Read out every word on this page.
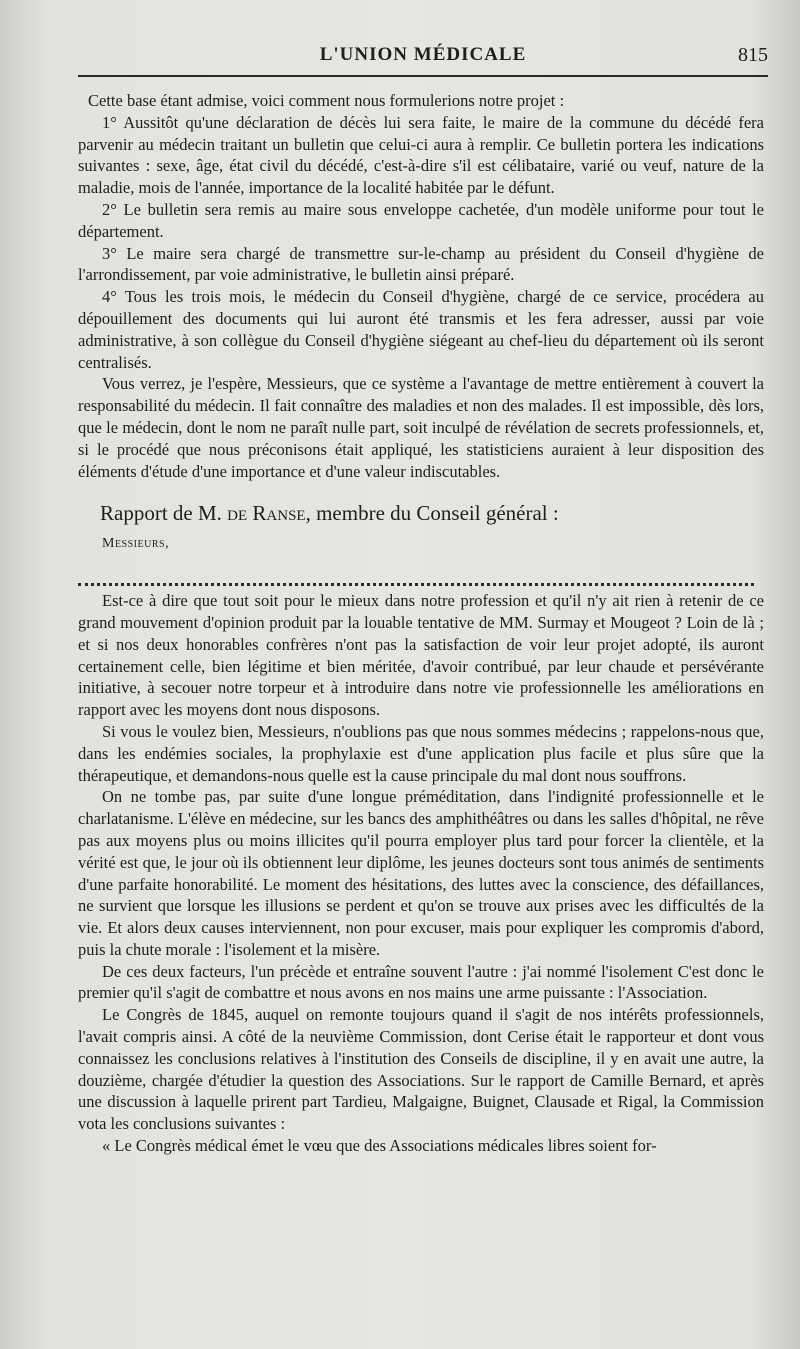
L'UNION MÉDICALE	815

Cette base étant admise, voici comment nous formulerions notre projet :

1° Aussitôt qu'une déclaration de décès lui sera faite, le maire de la commune du décédé fera parvenir au médecin traitant un bulletin que celui-ci aura à remplir. Ce bulletin portera les indications suivantes : sexe, âge, état civil du décédé, c'est-à-dire s'il est célibataire, varié ou veuf, nature de la maladie, mois de l'année, importance de la localité habitée par le défunt.

2° Le bulletin sera remis au maire sous enveloppe cachetée, d'un modèle uniforme pour tout le département.

3° Le maire sera chargé de transmettre sur-le-champ au président du Conseil d'hygiène de l'arrondissement, par voie administrative, le bulletin ainsi préparé.

4° Tous les trois mois, le médecin du Conseil d'hygiène, chargé de ce service, procédera au dépouillement des documents qui lui auront été transmis et les fera adresser, aussi par voie administrative, à son collègue du Conseil d'hygiène siégeant au chef-lieu du département où ils seront centralisés.

Vous verrez, je l'espère, Messieurs, que ce système a l'avantage de mettre entièrement à couvert la responsabilité du médecin. Il fait connaître des maladies et non des malades. Il est impossible, dès lors, que le médecin, dont le nom ne paraît nulle part, soit inculpé de révélation de secrets professionnels, et, si le procédé que nous préconisons était appliqué, les statisticiens auraient à leur disposition des éléments d'étude d'une importance et d'une valeur indiscutables.

Rapport de M. de Ranse, membre du Conseil général :
Messieurs,

Est-ce à dire que tout soit pour le mieux dans notre profession et qu'il n'y ait rien à retenir de ce grand mouvement d'opinion produit par la louable tentative de MM. Surmay et Mougeot ? Loin de là ; et si nos deux honorables confrères n'ont pas la satisfaction de voir leur projet adopté, ils auront certainement celle, bien légitime et bien méritée, d'avoir contribué, par leur chaude et persévérante initiative, à secouer notre torpeur et à introduire dans notre vie professionnelle les améliorations en rapport avec les moyens dont nous disposons.

Si vous le voulez bien, Messieurs, n'oublions pas que nous sommes médecins ; rappelons-nous que, dans les endémies sociales, la prophylaxie est d'une application plus facile et plus sûre que la thérapeutique, et demandons-nous quelle est la cause principale du mal dont nous souffrons.

On ne tombe pas, par suite d'une longue préméditation, dans l'indignité professionnelle et le charlatanisme. L'élève en médecine, sur les bancs des amphithéâtres ou dans les salles d'hôpital, ne rêve pas aux moyens plus ou moins illicites qu'il pourra employer plus tard pour forcer la clientèle, et la vérité est que, le jour où ils obtiennent leur diplôme, les jeunes docteurs sont tous animés de sentiments d'une parfaite honorabilité. Le moment des hésitations, des luttes avec la conscience, des défaillances, ne survient que lorsque les illusions se perdent et qu'on se trouve aux prises avec les difficultés de la vie. Et alors deux causes interviennent, non pour excuser, mais pour expliquer les compromis d'abord, puis la chute morale : l'isolement et la misère.

De ces deux facteurs, l'un précède et entraîne souvent l'autre : j'ai nommé l'isolement C'est donc le premier qu'il s'agit de combattre et nous avons en nos mains une arme puissante : l'Association.

Le Congrès de 1845, auquel on remonte toujours quand il s'agit de nos intérêts professionnels, l'avait compris ainsi. A côté de la neuvième Commission, dont Cerise était le rapporteur et dont vous connaissez les conclusions relatives à l'institution des Conseils de discipline, il y en avait une autre, la douzième, chargée d'étudier la question des Associations. Sur le rapport de Camille Bernard, et après une discussion à laquelle prirent part Tardieu, Malgaigne, Buignet, Clausade et Rigal, la Commission vota les conclusions suivantes :

« Le Congrès médical émet le vœu que des Associations médicales libres soient for-
